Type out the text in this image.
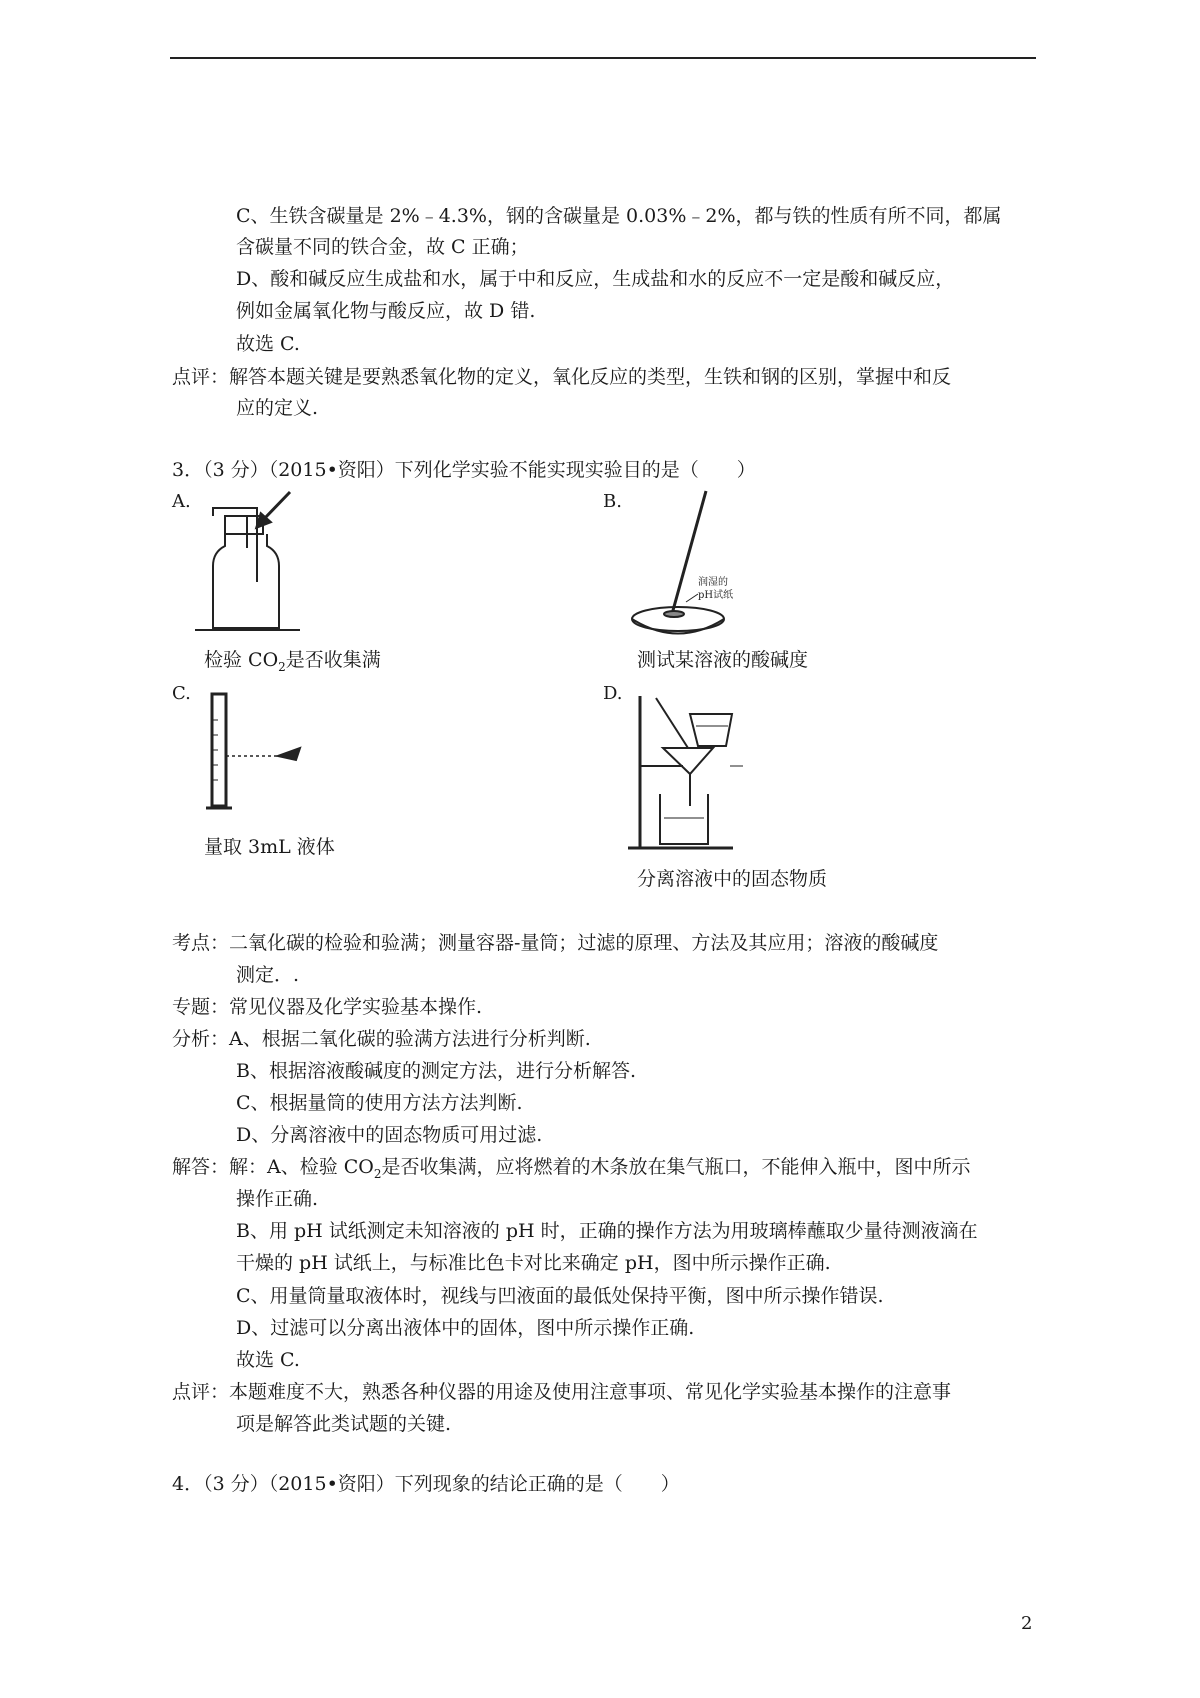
C、生铁含碳量是 2%﹣4.3%，钢的含碳量是 0.03%﹣2%，都与铁的性质有所不同，都属
含碳量不同的铁合金，故 C 正确；
D、酸和碱反应生成盐和水，属于中和反应，生成盐和水的反应不一定是酸和碱反应，
例如金属氧化物与酸反应，故 D 错.
故选 C.
点评：解答本题关键是要熟悉氧化物的定义，氧化反应的类型，生铁和钢的区别，掌握中和反
应的定义.
3．（3 分）（2015•资阳）下列化学实验不能实现实验目的是（　　）
A.	B.
润湿的
pH试纸
检验 $CO_2$是否收集满	测试某溶液的酸碱度
C.	D.
量取 3mL 液体
分离溶液中的固态物质
考点：二氧化碳的检验和验满；测量容器-量筒；过滤的原理、方法及其应用；溶液的酸碱度
测定．.
专题：常见仪器及化学实验基本操作.
分析：A、根据二氧化碳的验满方法进行分析判断.
B、根据溶液酸碱度的测定方法，进行分析解答.
C、根据量筒的使用方法方法判断.
D、分离溶液中的固态物质可用过滤.
解答：解：A、检验 $CO_2$是否收集满，应将燃着的木条放在集气瓶口，不能伸入瓶中，图中所示
操作正确.
B、用 pH 试纸测定未知溶液的 pH 时，正确的操作方法为用玻璃棒蘸取少量待测液滴在
干燥的 pH 试纸上，与标准比色卡对比来确定 pH，图中所示操作正确.
C、用量筒量取液体时，视线与凹液面的最低处保持平衡，图中所示操作错误.
D、过滤可以分离出液体中的固体，图中所示操作正确.
故选 C.
点评：本题难度不大，熟悉各种仪器的用途及使用注意事项、常见化学实验基本操作的注意事
项是解答此类试题的关键.
4．（3 分）（2015•资阳）下列现象的结论正确的是（　　）
2
